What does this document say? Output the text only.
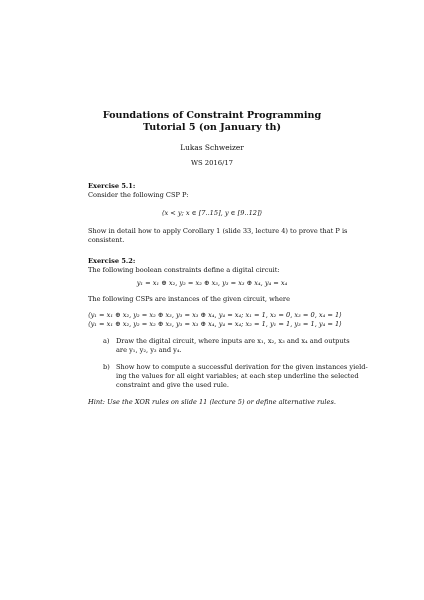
Foundations of Constraint Programming
Tutorial 5 (on January th)
Lukas Schweizer
WS 2016/17
Exercise 5.1:
Consider the following CSP P:
⟨x < y; x ∈ [7..15], y ∈ [9..12]⟩
Show in detail how to apply Corollary 1 (slide 33, lecture 4) to prove that P is
consistent.
Exercise 5.2:
The following boolean constraints define a digital circuit:
y₁ = x₁ ⊕ x₂, y₂ = x₂ ⊕ x₃, y₃ = x₃ ⊕ x₄, y₄ = x₄
The following CSPs are instances of the given circuit, where
⟨y₁ = x₁ ⊕ x₂, y₂ = x₂ ⊕ x₃, y₃ = x₃ ⊕ x₄, y₄ = x₄; x₁ = 1, x₂ = 0, x₃ = 0, x₄ = 1⟩
⟨y₁ = x₁ ⊕ x₂, y₂ = x₂ ⊕ x₃, y₃ = x₃ ⊕ x₄, y₄ = x₄; x₂ = 1, y₁ = 1, y₃ = 1, y₄ = 1⟩
a) Draw the digital circuit, where inputs are x₁, x₂, x₃ and x₄ and outputs
are y₁, y₂, y₃ and y₄.
b) Show how to compute a successful derivation for the given instances yield-
ing the values for all eight variables; at each step underline the selected
constraint and give the used rule.
Hint: Use the XOR rules on slide 11 (lecture 5) or define alternative rules.
